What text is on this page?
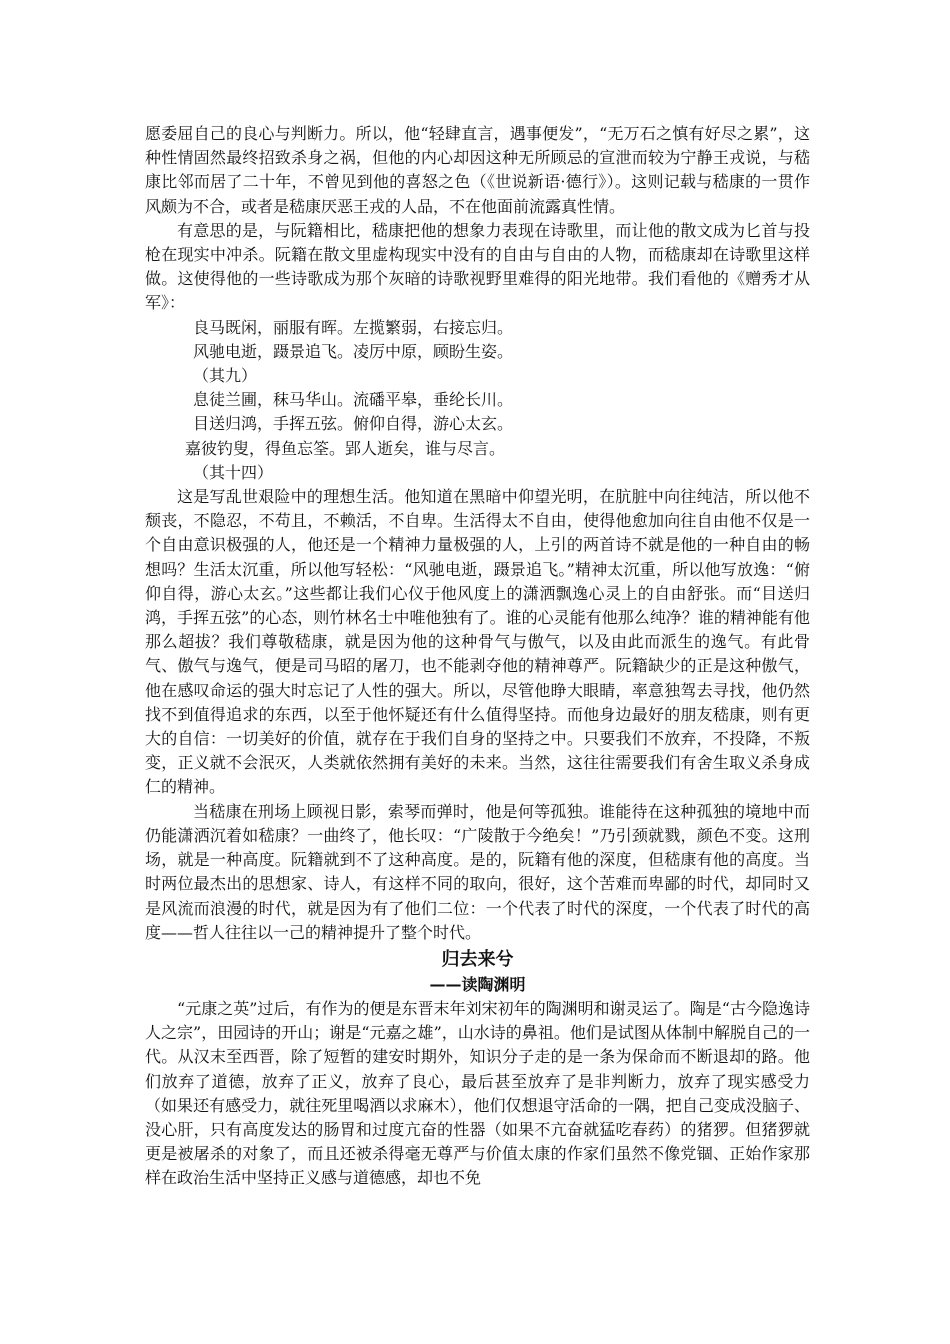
愿委屈自己的良心与判断力。所以，他“轻肆直言，遇事便发”，“无万石之慎有好尽之累”，这种性情固然最终招致杀身之祸，但他的内心却因这种无所顾忌的宣泄而较为宁静王戎说，与嵇康比邻而居了二十年，不曾见到他的喜怒之色（《世说新语·德行》）。这则记载与嵇康的一贯作风颇为不合，或者是嵇康厌恶王戎的人品，不在他面前流露真性情。

有意思的是，与阮籍相比，嵇康把他的想象力表现在诗歌里，而让他的散文成为匕首与投枪在现实中冲杀。阮籍在散文里虚构现实中没有的自由与自由的人物，而嵇康却在诗歌里这样做。这使得他的一些诗歌成为那个灰暗的诗歌视野里难得的阳光地带。我们看他的《赠秀才从军》：

良马既闲，丽服有晖。左揽繁弱，右接忘归。
风驰电逝，蹑景追飞。凌厉中原，顾盼生姿。
（其九）
息徒兰圃，秣马华山。流磻平皋，垂纶长川。
目送归鸿，手挥五弦。俯仰自得，游心太玄。
嘉彼钓叟，得鱼忘筌。郢人逝矣，谁与尽言。
（其十四）

这是写乱世艰险中的理想生活。他知道在黑暗中仰望光明，在肮脏中向往纯洁，所以他不颓丧，不隐忍，不苟且，不赖活，不自卑。生活得太不自由，使得他愈加向往自由他不仅是一个自由意识极强的人，他还是一个精神力量极强的人，上引的两首诗不就是他的一种自由的畅想吗？生活太沉重，所以他写轻松：“风驰电逝，蹑景追飞。”精神太沉重，所以他写放逸：“俯仰自得，游心太玄。”这些都让我们心仪于他风度上的潇洒飘逸心灵上的自由舒张。而“目送归鸿，手挥五弦”的心态，则竹林名士中唯他独有了。谁的心灵能有他那么纯净？谁的精神能有他那么超拔？我们尊敬嵇康，就是因为他的这种骨气与傲气，以及由此而派生的逸气。有此骨气、傲气与逸气，便是司马昭的屠刀，也不能剥夺他的精神尊严。阮籍缺少的正是这种傲气，他在感叹命运的强大时忘记了人性的强大。所以，尽管他睁大眼睛，率意独驾去寻找，他仍然找不到值得追求的东西，以至于他怀疑还有什么值得坚持。而他身边最好的朋友嵇康，则有更大的自信：一切美好的价值，就存在于我们自身的坚持之中。只要我们不放弃，不投降，不叛变，正义就不会泯灭，人类就依然拥有美好的未来。当然，这往往需要我们有舍生取义杀身成仁的精神。

当嵇康在刑场上顾视日影，索琴而弹时，他是何等孤独。谁能待在这种孤独的境地中而仍能潇洒沉着如嵇康？一曲终了，他长叹：“广陵散于今绝矣！”乃引颈就戮，颜色不变。这刑场，就是一种高度。阮籍就到不了这种高度。是的，阮籍有他的深度，但嵇康有他的高度。当时两位最杰出的思想家、诗人，有这样不同的取向，很好，这个苦难而卑鄙的时代，却同时又是风流而浪漫的时代，就是因为有了他们二位：一个代表了时代的深度，一个代表了时代的高度——哲人往往以一己的精神提升了整个时代。

归去来兮
——读陶渊明

“元康之英”过后，有作为的便是东晋末年刘宋初年的陶渊明和谢灵运了。陶是“古今隐逸诗人之宗”，田园诗的开山；谢是“元嘉之雄”，山水诗的鼻祖。他们是试图从体制中解脱自己的一代。从汉末至西晋，除了短暂的建安时期外，知识分子走的是一条为保命而不断退却的路。他们放弃了道德，放弃了正义，放弃了良心，最后甚至放弃了是非判断力，放弃了现实感受力（如果还有感受力，就往死里喝酒以求麻木），他们仅想退守活命的一隅，把自己变成没脑子、没心肝，只有高度发达的肠胃和过度亢奋的性器（如果不亢奋就猛吃春药）的猪猡。但猪猡就更是被屠杀的对象了，而且还被杀得毫无尊严与价值太康的作家们虽然不像党锢、正始作家那样在政治生活中坚持正义感与道德感，却也不免
